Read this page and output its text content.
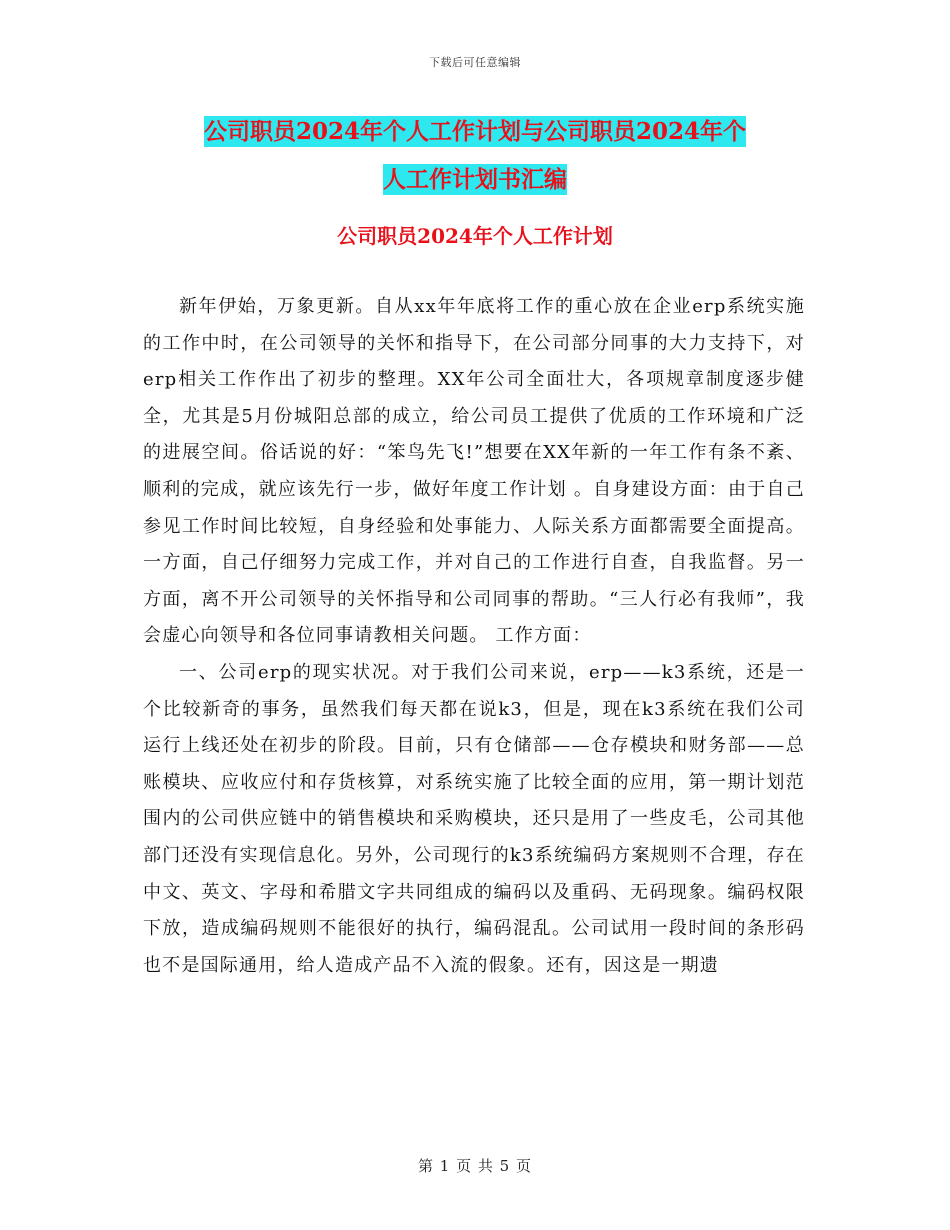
下载后可任意编辑
公司职员2024年个人工作计划与公司职员2024年个
人工作计划书汇编
公司职员2024年个人工作计划

新年伊始，万象更新。自从xx年年底将工作的重心放在企业erp系统实施的工作中时，在公司领导的关怀和指导下，在公司部分同事的大力支持下，对erp相关工作作出了初步的整理。XX年公司全面壮大，各项规章制度逐步健全，尤其是5月份城阳总部的成立，给公司员工提供了优质的工作环境和广泛的进展空间。俗话说的好：“笨鸟先飞!”想要在XX年新的一年工作有条不紊、顺利的完成，就应该先行一步，做好年度工作计划 。自身建设方面：由于自己参见工作时间比较短，自身经验和处事能力、人际关系方面都需要全面提高。一方面，自己仔细努力完成工作，并对自己的工作进行自查，自我监督。另一方面，离不开公司领导的关怀指导和公司同事的帮助。“三人行必有我师”，我会虚心向领导和各位同事请教相关问题。 工作方面：

一、公司erp的现实状况。对于我们公司来说，erp——k3系统，还是一个比较新奇的事务，虽然我们每天都在说k3，但是，现在k3系统在我们公司运行上线还处在初步的阶段。目前，只有仓储部——仓存模块和财务部——总账模块、应收应付和存货核算，对系统实施了比较全面的应用，第一期计划范围内的公司供应链中的销售模块和采购模块，还只是用了一些皮毛，公司其他部门还没有实现信息化。另外，公司现行的k3系统编码方案规则不合理，存在中文、英文、字母和希腊文字共同组成的编码以及重码、无码现象。编码权限下放，造成编码规则不能很好的执行，编码混乱。公司试用一段时间的条形码也不是国际通用，给人造成产品不入流的假象。还有，因这是一期遗

第 1 页 共 5 页
